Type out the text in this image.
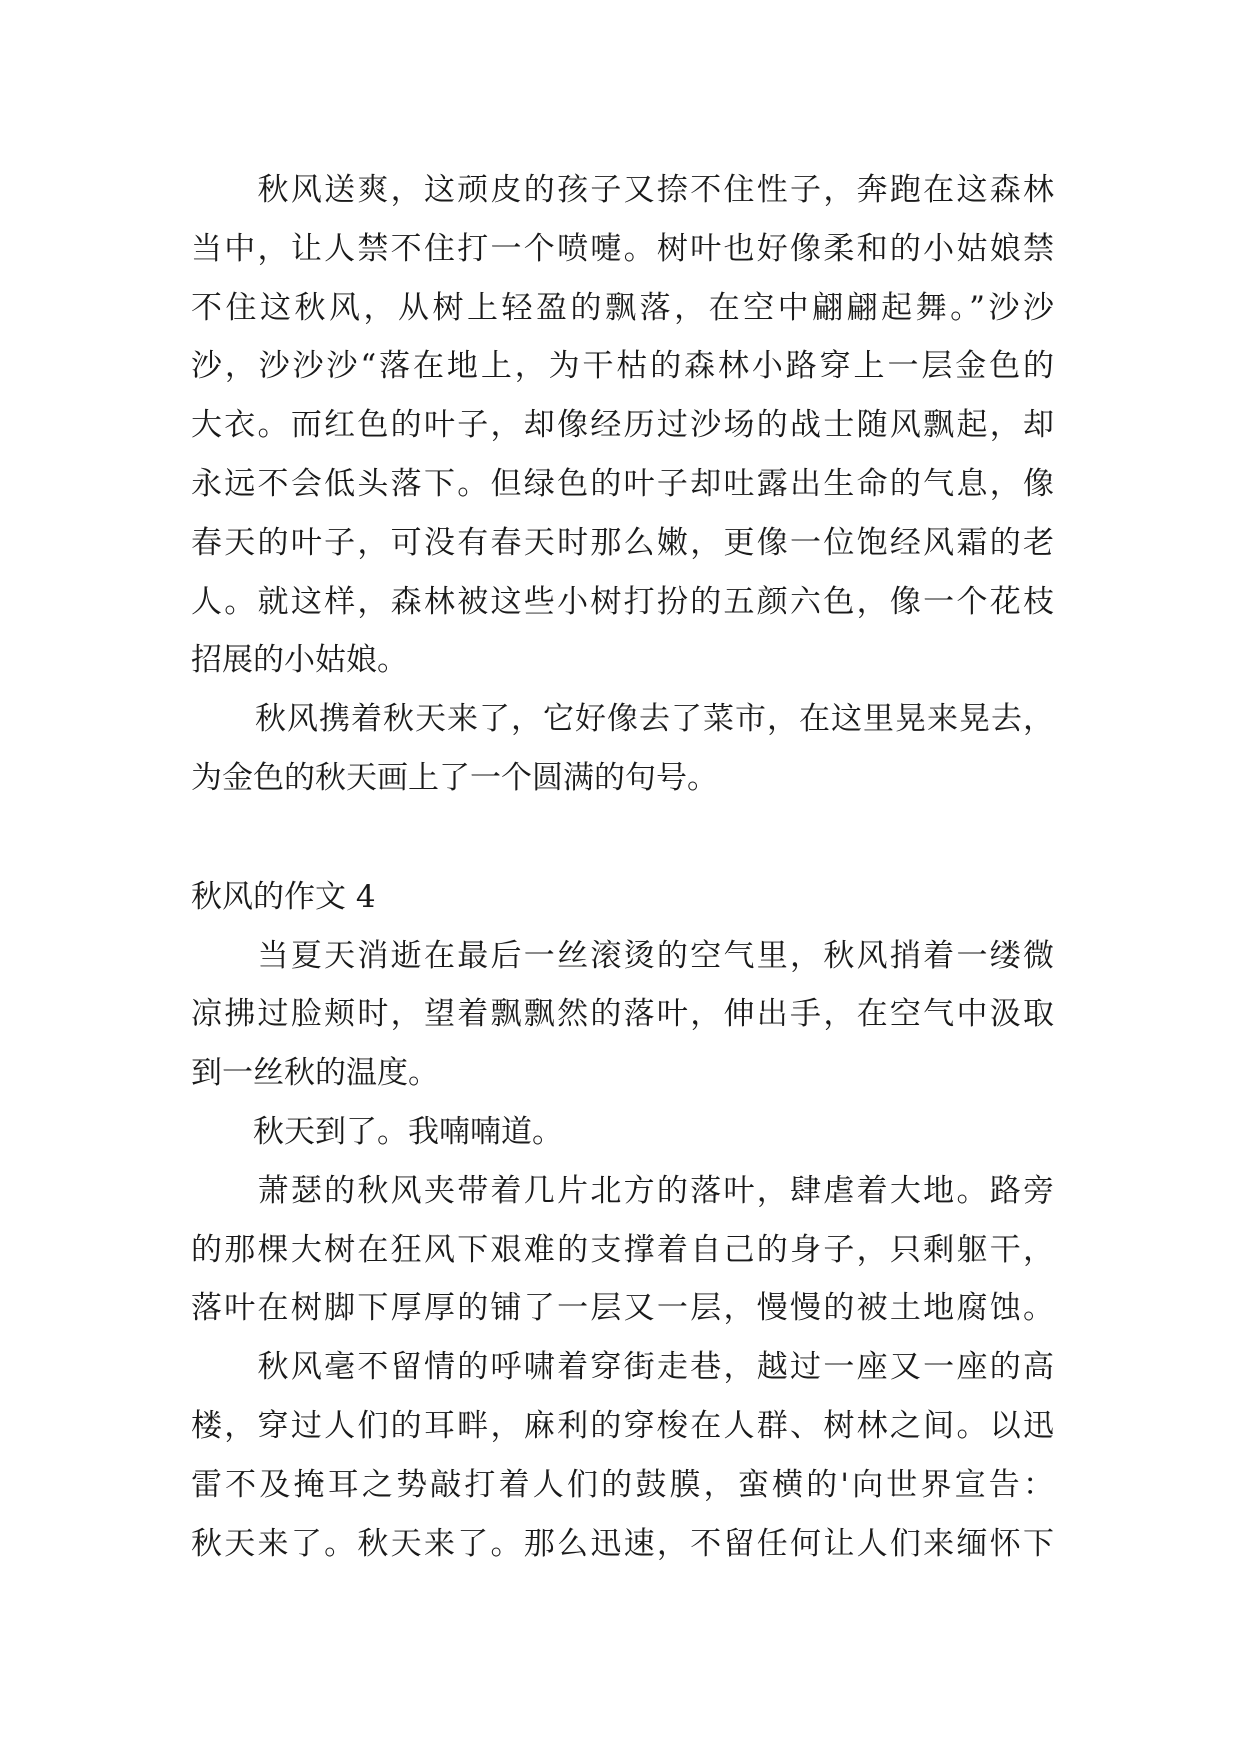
　　秋风送爽，这顽皮的孩子又捺不住性子，奔跑在这森林
当中，让人禁不住打一个喷嚏。树叶也好像柔和的小姑娘禁
不住这秋风，从树上轻盈的飘落，在空中翩翩起舞。”沙沙
沙，沙沙沙“落在地上，为干枯的森林小路穿上一层金色的
大衣。而红色的叶子，却像经历过沙场的战士随风飘起，却
永远不会低头落下。但绿色的叶子却吐露出生命的气息，像
春天的叶子，可没有春天时那么嫩，更像一位饱经风霜的老
人。就这样，森林被这些小树打扮的五颜六色，像一个花枝
招展的小姑娘。
　　秋风携着秋天来了，它好像去了菜市，在这里晃来晃去，
为金色的秋天画上了一个圆满的句号。
秋风的作文 4
　　当夏天消逝在最后一丝滚烫的空气里，秋风捎着一缕微
凉拂过脸颊时，望着飘飘然的落叶，伸出手，在空气中汲取
到一丝秋的温度。
　　秋天到了。我喃喃道。
　　萧瑟的秋风夹带着几片北方的落叶，肆虐着大地。路旁
的那棵大树在狂风下艰难的支撑着自己的身子，只剩躯干，
落叶在树脚下厚厚的铺了一层又一层，慢慢的被土地腐蚀。
　　秋风毫不留情的呼啸着穿街走巷，越过一座又一座的高
楼，穿过人们的耳畔，麻利的穿梭在人群、树林之间。以迅
雷不及掩耳之势敲打着人们的鼓膜，蛮横的'向世界宣告：
秋天来了。秋天来了。那么迅速，不留任何让人们来缅怀下
